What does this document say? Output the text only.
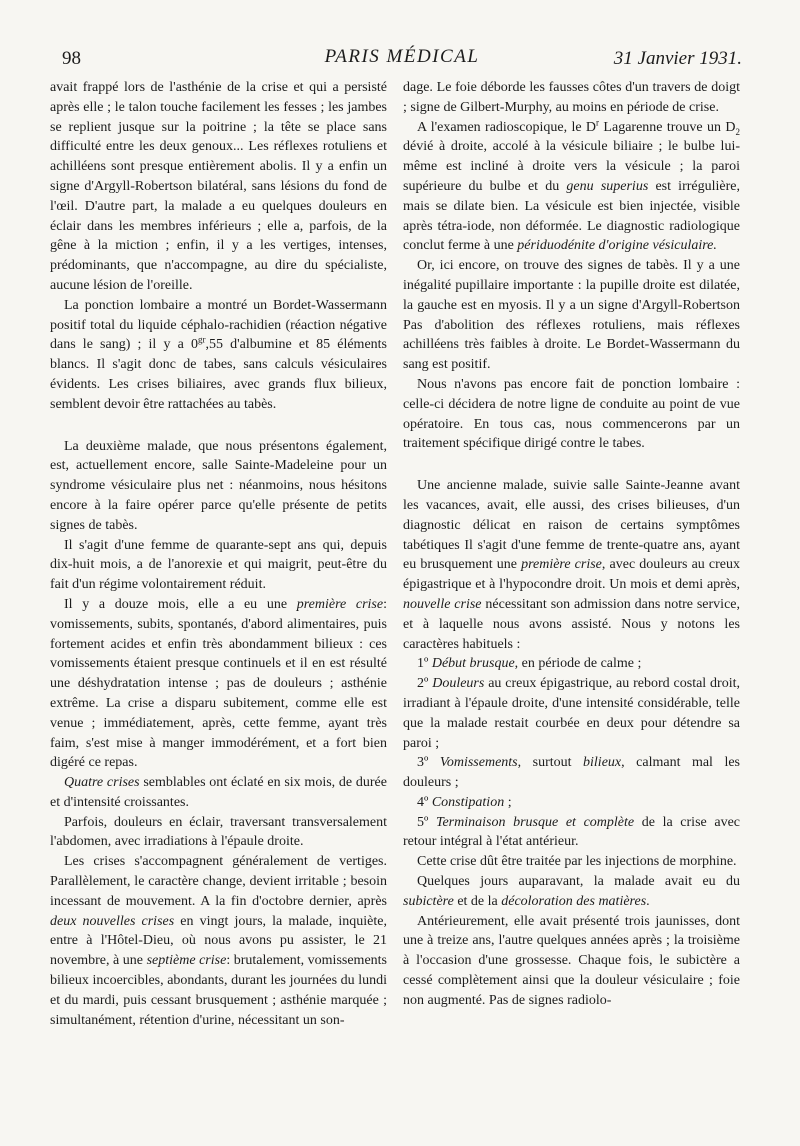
98	PARIS MÉDICAL	31 Janvier 1931.

avait frappé lors de l'asthénie de la crise et qui a persisté après elle ; le talon touche facilement les fesses ; les jambes se replient jusque sur la poitrine ; la tête se place sans difficulté entre les deux genoux... Les réflexes rotuliens et achilléens sont presque entièrement abolis. Il y a enfin un signe d'Argyll-Robertson bilatéral, sans lésions du fond de l'œil. D'autre part, la malade a eu quelques douleurs en éclair dans les membres inférieurs ; elle a, parfois, de la gêne à la miction ; enfin, il y a les vertiges, intenses, prédominants, que n'accompagne, au dire du spécialiste, aucune lésion de l'oreille.

La ponction lombaire a montré un Bordet-Wassermann positif total du liquide céphalo-rachidien (réaction négative dans le sang) ; il y a $0^{gr},55$ d'albumine et 85 éléments blancs. Il s'agit donc de tabes, sans calculs vésiculaires évidents. Les crises biliaires, avec grands flux bilieux, semblent devoir être rattachées au tabès.

La deuxième malade, que nous présentons également, est, actuellement encore, salle Sainte-Madeleine pour un syndrome vésiculaire plus net : néanmoins, nous hésitons encore à la faire opérer parce qu'elle présente de petits signes de tabès.

Il s'agit d'une femme de quarante-sept ans qui, depuis dix-huit mois, a de l'anorexie et qui maigrit, peut-être du fait d'un régime volontairement réduit.

Il y a douze mois, elle a eu une première crise: vomissements, subits, spontanés, d'abord alimentaires, puis fortement acides et enfin très abondamment bilieux : ces vomissements étaient presque continuels et il en est résulté une déshydratation intense ; pas de douleurs ; asthénie extrême. La crise a disparu subitement, comme elle est venue ; immédiatement, après, cette femme, ayant très faim, s'est mise à manger immodérément, et a fort bien digéré ce repas.

Quatre crises semblables ont éclaté en six mois, de durée et d'intensité croissantes.

Parfois, douleurs en éclair, traversant transversalement l'abdomen, avec irradiations à l'épaule droite.

Les crises s'accompagnent généralement de vertiges. Parallèlement, le caractère change, devient irritable ; besoin incessant de mouvement. A la fin d'octobre dernier, après deux nouvelles crises en vingt jours, la malade, inquiète, entre à l'Hôtel-Dieu, où nous avons pu assister, le 21 novembre, à une septième crise: brutalement, vomissements bilieux incoercibles, abondants, durant les journées du lundi et du mardi, puis cessant brusquement ; asthénie marquée ; simultanément, rétention d'urine, nécessitant un son-

dage. Le foie déborde les fausses côtes d'un travers de doigt ; signe de Gilbert-Murphy, au moins en période de crise.

A l'examen radioscopique, le $D^r$ Lagarenne trouve un $D_2$ dévié à droite, accolé à la vésicule biliaire ; le bulbe lui-même est incliné à droite vers la vésicule ; la paroi supérieure du bulbe et du genu superius est irrégulière, mais se dilate bien. La vésicule est bien injectée, visible après tétra-iode, non déformée. Le diagnostic radiologique conclut ferme à une périduodénite d'origine vésiculaire.

Or, ici encore, on trouve des signes de tabès. Il y a une inégalité pupillaire importante : la pupille droite est dilatée, la gauche est en myosis. Il y a un signe d'Argyll-Robertson Pas d'abolition des réflexes rotuliens, mais réflexes achilléens très faibles à droite. Le Bordet-Wassermann du sang est positif.

Nous n'avons pas encore fait de ponction lombaire : celle-ci décidera de notre ligne de conduite au point de vue opératoire. En tous cas, nous commencerons par un traitement spécifique dirigé contre le tabes.

Une ancienne malade, suivie salle Sainte-Jeanne avant les vacances, avait, elle aussi, des crises bilieuses, d'un diagnostic délicat en raison de certains symptômes tabétiques Il s'agit d'une femme de trente-quatre ans, ayant eu brusquement une première crise, avec douleurs au creux épigastrique et à l'hypocondre droit. Un mois et demi après, nouvelle crise nécessitant son admission dans notre service, et à laquelle nous avons assisté. Nous y notons les caractères habituels :

1º Début brusque, en période de calme ;

2º Douleurs au creux épigastrique, au rebord costal droit, irradiant à l'épaule droite, d'une intensité considérable, telle que la malade restait courbée en deux pour détendre sa paroi ;

3º Vomissements, surtout bilieux, calmant mal les douleurs ;

4º Constipation ;

5º Terminaison brusque et complète de la crise avec retour intégral à l'état antérieur.

Cette crise dût être traitée par les injections de morphine.

Quelques jours auparavant, la malade avait eu du subictère et de la décoloration des matières.

Antérieurement, elle avait présenté trois jaunisses, dont une à treize ans, l'autre quelques années après ; la troisième à l'occasion d'une grossesse. Chaque fois, le subictère a cessé complètement ainsi que la douleur vésiculaire ; foie non augmenté. Pas de signes radiolo-
